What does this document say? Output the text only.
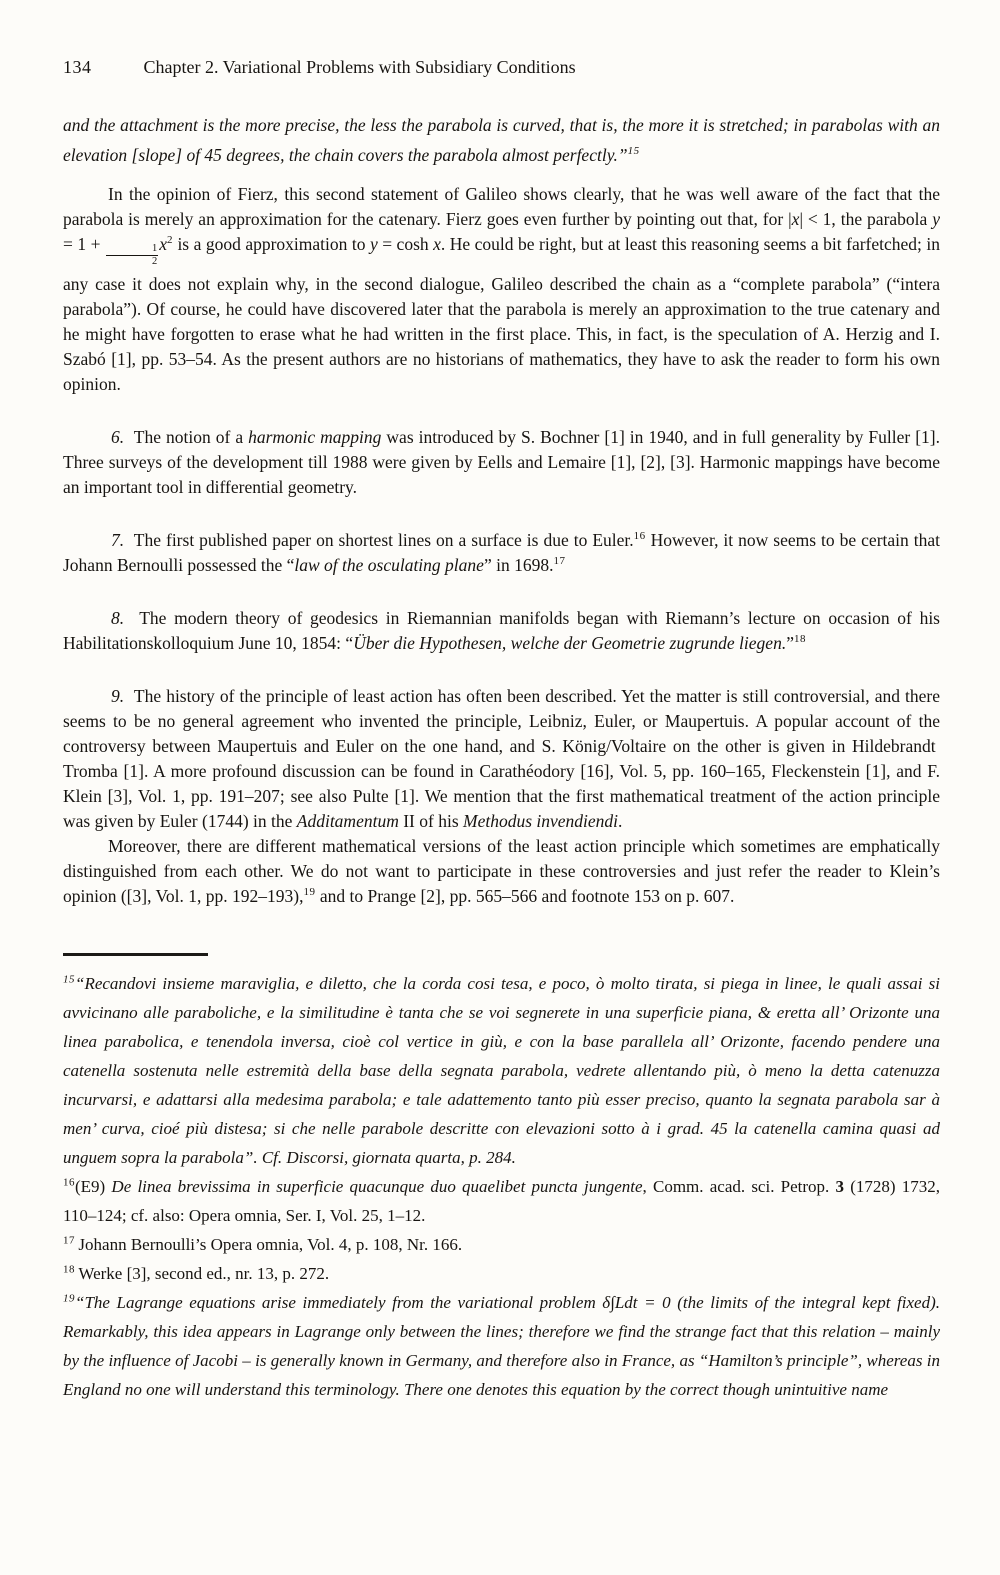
134	Chapter 2. Variational Problems with Subsidiary Conditions

and the attachment is the more precise, the less the parabola is curved, that is, the more it is stretched; in parabolas with an elevation [slope] of 45 degrees, the chain covers the parabola almost perfectly.”$^{15}$

In the opinion of Fierz, this second statement of Galileo shows clearly, that he was well aware of the fact that the parabola is merely an approximation for the catenary. Fierz goes even further by pointing out that, for |x| < 1, the parabola $y = 1 + \frac{1}{2} x^2$ is a good approximation to y = cosh x. He could be right, but at least this reasoning seems a bit farfetched; in any case it does not explain why, in the second dialogue, Galileo described the chain as a “complete parabola” (“intera parabola”). Of course, he could have discovered later that the parabola is merely an approximation to the true catenary and he might have forgotten to erase what he had written in the first place. This, in fact, is the speculation of A. Herzig and I. Szabó [1], pp. 53–54. As the present authors are no historians of mathematics, they have to ask the reader to form his own opinion.

6.  The notion of a harmonic mapping was introduced by S. Bochner [1] in 1940, and in full generality by Fuller [1]. Three surveys of the development till 1988 were given by Eells and Lemaire [1], [2], [3]. Harmonic mappings have become an important tool in differential geometry.

7.  The first published paper on shortest lines on a surface is due to Euler.$^{16}$ However, it now seems to be certain that Johann Bernoulli possessed the “law of the osculating plane” in 1698.17

8.  The modern theory of geodesics in Riemannian manifolds began with Riemann’s lecture on occasion of his Habilitationskolloquium June 10, 1854: “Über die Hypothesen, welche der Geometrie zugrunde liegen.”$^{18}$

9.  The history of the principle of least action has often been described. Yet the matter is still controversial, and there seems to be no general agreement who invented the principle, Leibniz, Euler, or Maupertuis. A popular account of the controversy between Maupertuis and Euler on the one hand, and S. König/Voltaire on the other is given in Hildebrandt  Tromba [1]. A more profound discussion can be found in Carathéodory [16], Vol. 5, pp. 160–165, Fleckenstein [1], and F. Klein [3], Vol. 1, pp. 191–207; see also Pulte [1]. We mention that the first mathematical treatment of the action principle was given by Euler (1744) in the Additamentum II of his Methodus invendiendi.

Moreover, there are different mathematical versions of the least action principle which sometimes are emphatically distinguished from each other. We do not want to participate in these controversies and just refer the reader to Klein’s opinion ([3], Vol. 1, pp. 192–193),$^{19}$ and to Prange [2], pp. 565–566 and footnote 153 on p. 607.

$^{15}$“Recandovi insieme maraviglia, e diletto, che la corda cosi tesa, e poco, ò molto tirata, si piega in linee, le quali assai si avvicinano alle paraboliche, e la similitudine è tanta che se voi segnerete in una superficie piana, & eretta all’ Orizonte una linea parabolica, e tenendola inversa, cioè col vertice in giù, e con la base parallela all’ Orizonte, facendo pendere una catenella sostenuta nelle estremità della base della segnata parabola, vedrete allentando più, ò meno la detta catenuzza incurvarsi, e adattarsi alla medesima parabola; e tale adattemento tanto più esser preciso, quanto la segnata parabola sar à men’ curva, cioé più distesa; si che nelle parabole descritte con elevazioni sotto à i grad. 45 la catenella camina quasi ad unguem sopra la parabola”. Cf. Discorsi, giornata quarta, p. 284.

$^{16}$(E9) De linea brevissima in superficie quacunque duo quaelibet puncta jungente, Comm. acad. sci. Petrop. 3 (1728) 1732, 110–124; cf. also: Opera omnia, Ser. I, Vol. 25, 1–12.

$^{17}$ Johann Bernoulli’s Opera omnia, Vol. 4, p. 108, Nr. 166.

$^{18}$ Werke [3], second ed., nr. 13, p. 272.

$^{19}$“The Lagrange equations arise immediately from the variational problem δ∫Ldt = 0 (the limits of the integral kept fixed). Remarkably, this idea appears in Lagrange only between the lines; therefore we find the strange fact that this relation – mainly by the influence of Jacobi – is generally known in Germany, and therefore also in France, as “Hamilton’s principle”, whereas in England no one will understand this terminology. There one denotes this equation by the correct though unintuitive name
